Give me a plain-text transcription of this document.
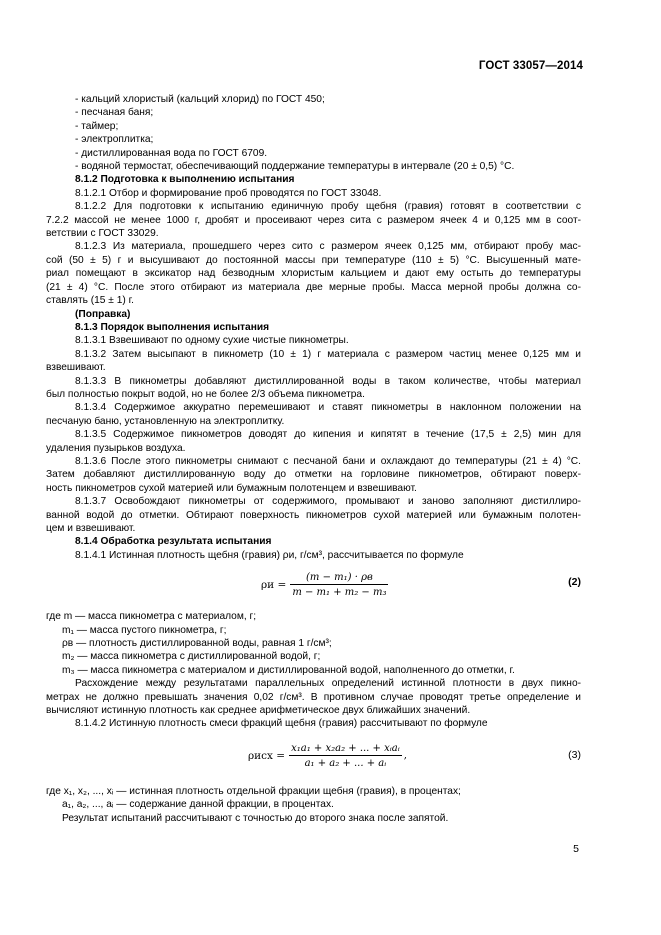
ГОСТ 33057—2014

- кальций хлористый (кальций хлорид) по ГОСТ 450;

- песчаная баня;

- таймер;

- электроплитка;

- дистиллированная вода по ГОСТ 6709.

- водяной термостат, обеспечивающий поддержание температуры в интервале (20 ± 0,5) °С.

8.1.2 Подготовка к выполнению испытания

8.1.2.1 Отбор и формирование проб проводятся по ГОСТ 33048.

8.1.2.2 Для подготовки к испытанию единичную пробу щебня (гравия) готовят в соответствии с

7.2.2 массой не менее 1000 г, дробят и просеивают через сита с размером ячеек 4 и 0,125 мм в соот-

ветствии с ГОСТ 33029.

8.1.2.3 Из материала, прошедшего через сито с размером ячеек 0,125 мм, отбирают пробу мас-

сой (50 ± 5) г и высушивают до постоянной массы при температуре (110 ± 5) °С. Высушенный мате-

риал помещают в эксикатор над безводным хлористым кальцием и дают ему остыть до температуры

(21 ± 4) °С. После этого отбирают из материала две мерные пробы. Масса мерной пробы должна со-

ставлять (15 ± 1) г.

(Поправка)

8.1.3 Порядок выполнения испытания

8.1.3.1 Взвешивают по одному сухие чистые пикнометры.

8.1.3.2 Затем высыпают в пикнометр (10 ± 1) г материала с размером частиц менее 0,125 мм и

взвешивают.

8.1.3.3 В пикнометры добавляют дистиллированной воды в таком количестве, чтобы материал

был полностью покрыт водой, но не более 2/3 объема пикнометра.

8.1.3.4 Содержимое аккуратно перемешивают и ставят пикнометры в наклонном положении на

песчаную баню, установленную на электроплитку.

8.1.3.5 Содержимое пикнометров доводят до кипения и кипятят в течение (17,5 ± 2,5) мин для

удаления пузырьков воздуха.

8.1.3.6 После этого пикнометры снимают с песчаной бани и охлаждают до температуры (21 ± 4) °С.

Затем добавляют дистиллированную воду до отметки на горловине пикнометров, обтирают поверх-

ность пикнометров сухой материей или бумажным полотенцем и взвешивают.

8.1.3.7 Освобождают пикнометры от содержимого, промывают и заново заполняют дистиллиро-

ванной водой до отметки. Обтирают поверхность пикнометров сухой материей или бумажным полотен-

цем и взвешивают.

8.1.4 Обработка результата испытания

8.1.4.1 Истинная плотность щебня (гравия) ρи, г/см³, рассчитывается по формуле

ρи =
(m − m₁) · ρв
m − m₁ + m₂ − m₃
(2)

где m — масса пикнометра с материалом, г;

m₁ — масса пустого пикнометра, г;

ρв — плотность дистиллированной воды, равная 1 г/см³;

m₂ — масса пикнометра с дистиллированной водой, г;

m₃ — масса пикнометра с материалом и дистиллированной водой, наполненного до отметки, г.

Расхождение между результатами параллельных определений истинной плотности в двух пикно-

метрах не должно превышать значения 0,02 г/см³. В противном случае проводят третье определение и

вычисляют истинную плотность как среднее арифметическое двух ближайших значений.

8.1.4.2 Истинную плотность смеси фракций щебня (гравия) рассчитывают по формуле

ρисх =
x₁a₁ + x₂a₂ + ... + xᵢaᵢ
a₁ + a₂ + ... + aᵢ
,	(3)

где x₁, x₂, ..., xᵢ — истинная плотность отдельной фракции щебня (гравия), в процентах;

a₁, a₂, ..., aᵢ — содержание данной фракции, в процентах.

Результат испытаний рассчитывают с точностью до второго знака после запятой.

5
